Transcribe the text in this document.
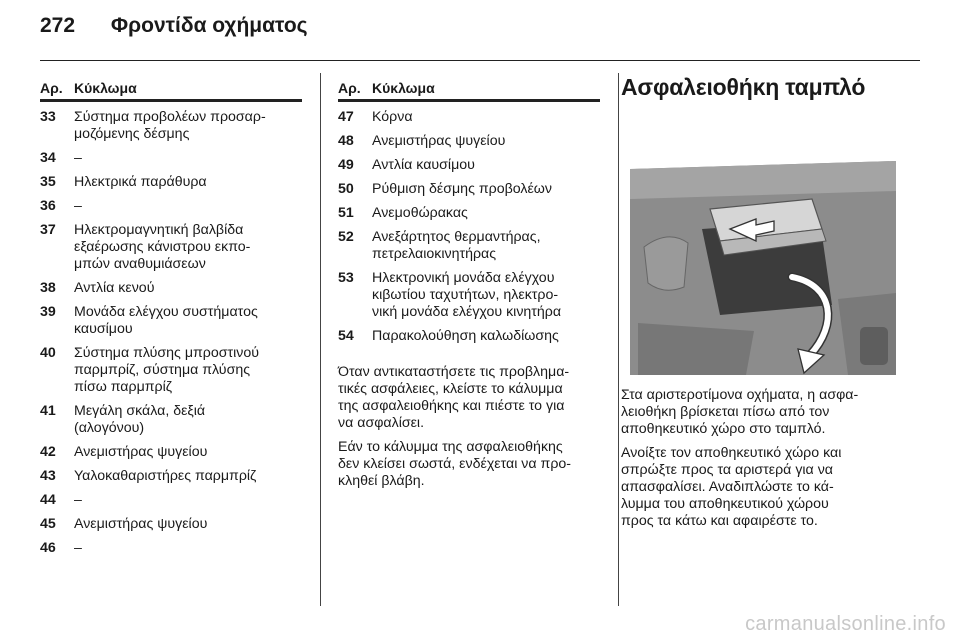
272 Φροντίδα οχήματος
Αρ. Κύκλωμα
33	Σύστημα προβολέων προσαρ-
μοζόμενης δέσμης
34	–
35	Ηλεκτρικά παράθυρα
36	–
37	Ηλεκτρομαγνητική βαλβίδα
εξαέρωσης κάνιστρου εκπο-
μπών αναθυμιάσεων
38	Αντλία κενού
39	Μονάδα ελέγχου συστήματος
καυσίμου
40	Σύστημα πλύσης μπροστινού
παρμπρίζ, σύστημα πλύσης
πίσω παρμπρίζ
41	Μεγάλη σκάλα, δεξιά
(αλογόνου)
42	Ανεμιστήρας ψυγείου
43	Υαλοκαθαριστήρες παρμπρίζ
44	–
45	Ανεμιστήρας ψυγείου
46	–
Αρ. Κύκλωμα
47	Κόρνα
48	Ανεμιστήρας ψυγείου
49	Αντλία καυσίμου
50	Ρύθμιση δέσμης προβολέων
51	Ανεμοθώρακας
52	Ανεξάρτητος θερμαντήρας,
πετρελαιοκινητήρας
53	Ηλεκτρονική μονάδα ελέγχου
κιβωτίου ταχυτήτων, ηλεκτρο-
νική μονάδα ελέγχου κινητήρα
54	Παρακολούθηση καλωδίωσης
Όταν αντικαταστήσετε τις προβλημα-
τικές ασφάλειες, κλείστε το κάλυμμα
της ασφαλειοθήκης και πιέστε το για
να ασφαλίσει.
Εάν το κάλυμμα της ασφαλειοθήκης
δεν κλείσει σωστά, ενδέχεται να προ-
κληθεί βλάβη.
Ασφαλειοθήκη ταμπλό
Στα αριστεροτίμονα οχήματα, η ασφα-
λειοθήκη βρίσκεται πίσω από τον
αποθηκευτικό χώρο στο ταμπλό.
Ανοίξτε τον αποθηκευτικό χώρο και
σπρώξτε προς τα αριστερά για να
απασφαλίσει. Αναδιπλώστε το κά-
λυμμα του αποθηκευτικού χώρου
προς τα κάτω και αφαιρέστε το.
carmanualsonline.info
